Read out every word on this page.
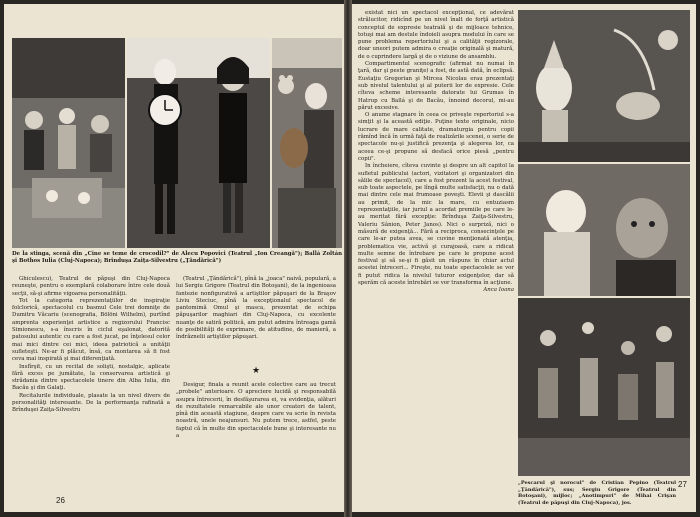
De la stinga, scenă din „Cine se teme de crocodil?" de Alecu Popovici (Teatrul „Ion Creangă"); Ballá Zoltán şi Bothos Iulia (Cluj-Napoca); Brînduşa Zaiţa-Silvestru („Ţăndărică")

Ghiculescu), Teatrul de păpuşi din Cluj-Napoca reuneşte, pentru o exemplară colaborare între cele două secţii, să-şi afirme vigoarea personalităţii.

Tot la categoria reprezentaţiilor de inspiraţie folclorică, spectacolul cu basmul Cele trei domniţe de Dumitru Văcariu (scenografia, Bölöni Wilhelm), purtînd amprenta experienţei artistice a regizorului Francisc Simionescu, s-a înscris în ciclul eşalonat, datorită patosului autentic cu care a fost jucat, pe înţelesul celor mai mici dintre cei mici, ideea patriotică a unităţii sufleteşti. Ne-ar fi plăcut, însă, ca montarea să fi fost ceva mai inspirată şi mai diferenţiată.

Insfîrşit, cu un recital de solişti, nostalgic, aplicate fără exces pe jumătate, la conservarea artistică şi strădania dintre spectacolele tinere din Alba Iulia, din Bacău şi din Galaţi.

Recitalurile individuale, plasate la un nivel divers de personalităţi interesante. De la performanţa rafinată a Brînduşei Zaiţa-Silvestru

(Teatrul „Ţăndărică"), pînă la „joaca" naivă, populară, a lui Sergiu Grigore (Teatrul din Botoşani), de la ingenioasa fantezie nonfigurativă a artiştilor păpuşari de la Braşov Liviu Steciuc, pînă la excepţionalul spectacol de pantomimă Omul şi masca, prezentat de echipa păpuşarilor maghiari din Cluj-Napoca, cu excelente nuanţe de satiră politică, am putut admira întreaga gamă de posibilităţi de exprimare, de atitudine, de manieră, a îndrăznelii artiştilor păpuşari.

★

Desigur, finala a reunit acele colective care au trecut „probele" anterioare. O apreciere lucidă şi responsabilă asupra întrecerii, în desfăşurarea ei, va evidenţia, alături de rezultatele remarcabile ale unor creatori de talent, pînă din această stagiune, despre care va scrie în revista noastră, unele neajunsuri. Nu putem trece, astfel, peste faptul că în multe din spectacolele bune şi interesante nu a

26

existat nici un spectacol excepţional, ce adevărat strălucitor, ridicînd pe un nivel înalt de forţă artistică conceptul de expresie teatrală şi de mijloace tehnice, totuşi mai am destule îndoieli asupra modului în care se pune problema repertoriului şi a calităţii regizorale, doar uneori putem admira o creaţie originală şi matură, de o cuprindere largă şi de o viziune de ansamblu.

Compartimentul scenografic (afirmat nu numai în ţară, dar şi peste graniţe) a fost, de astă dată, în eclipsă. Eustaţiu Gregorian şi Mircea Nicolau erau prezentaţi sub nivelul talentului şi al puterii lor de expresie. Cele cîteva scheme interesante datorate lui Grumas în Hatrup cu Ballá şi de Bacău, înnoind decorul, mi-au părut excesive.

O anume stagnare în ceea ce priveşte repertoriul s-a simţit şi la această ediţie. Puţine texte originale, nicio lucrare de mare calitate, dramaturgia pentru copii rămînd încă în urmă faţă de realizările scenei, o serie de spectacole nu-şi justifică prezenţa şi alegerea lor, ca aceea ce-şi propune să desfacă orice piesă „pentru copii".

In încheiere, cîteva cuvinte şi despre un alt capitol la sufletul publicului (actori, vizitatori şi organizatori din sălile de spectacol), care a fost prezent la acest festival, sub toate aspectele, pe lîngă multe satisfacţii, nu o dată mai dintre cele mai frumoase poveşti. Elevii şi dascălii au primit, de la mic la mare, cu entuziasm reprezentaţiile, iar juriul a acordat premiile pe care le-au meritat fără excepţie: Brînduşa Zaiţa-Silvestru, Valeriu Sânion, Peter Janos). Nici o surpriză, nici o măsură de exigenţă... Fără a reciproca, consecinţele pe care le-ar putea avea, se cuvine menţionată atenţia, problematica vie, activă şi curajoasă, care a ridicat multe semne de întrebare pe care le propune acest festival şi să se-şi fi găsit un răspuns în chiar actul acestei întreceri... Fireşte, nu toate spectacolele se vor fi putut ridica la nivelul tuturor exigenţelor, dar să sperăm că aceste întrebări se vor transforma în acţiune.

Anca Ioana

„Pescarul şi norocul" de Cristian Pepino (Teatrul „Ţăndărică"), sus; Sergiu Grigore (Teatrul din Botoşani), mijloc; „Anotimpuri" de Mihai Crişan (Teatrul de păpuşi din Cluj-Napoca), jos.
27
